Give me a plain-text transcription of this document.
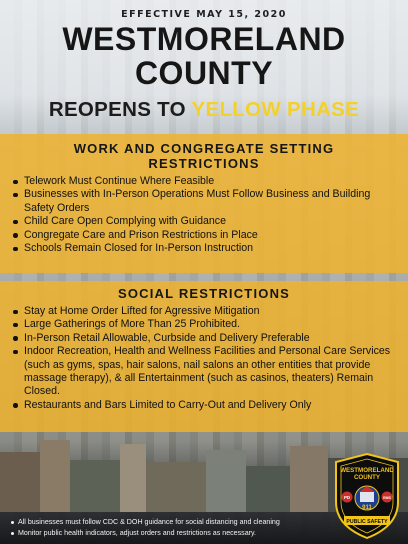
EFFECTIVE MAY 15, 2020
WESTMORELAND
COUNTY
REOPENS TO YELLOW PHASE
WORK AND CONGREGATE SETTING
RESTRICTIONS
Telework Must Continue Where Feasible
Businesses with In-Person Operations Must Follow Business and Building Safety Orders
Child Care Open Complying with Guidance
Congregate Care and Prison Restrictions in Place
Schools Remain Closed for In-Person Instruction
SOCIAL RESTRICTIONS
Stay at Home Order Lifted for Agressive Mitigation
Large Gatherings of More Than 25 Prohibited.
In-Person Retail Allowable, Curbside and Delivery Preferable
Indoor Recreation, Health and Wellness Facilities and Personal Care Services (such as gyms, spas, hair salons, nail salons an other entities that provide massage therapy), & all Entertainment (such as casinos, theaters) Remain Closed.
Restaurants and Bars Limited to Carry-Out and Delivery Only
All businesses must follow CDC & DOH guidance for social distancing and cleaning
Monitor public health indicators, adjust orders and restrictions as necessary.
WESTMORELAND
COUNTY
911
PD	EMS
PUBLIC SAFETY
